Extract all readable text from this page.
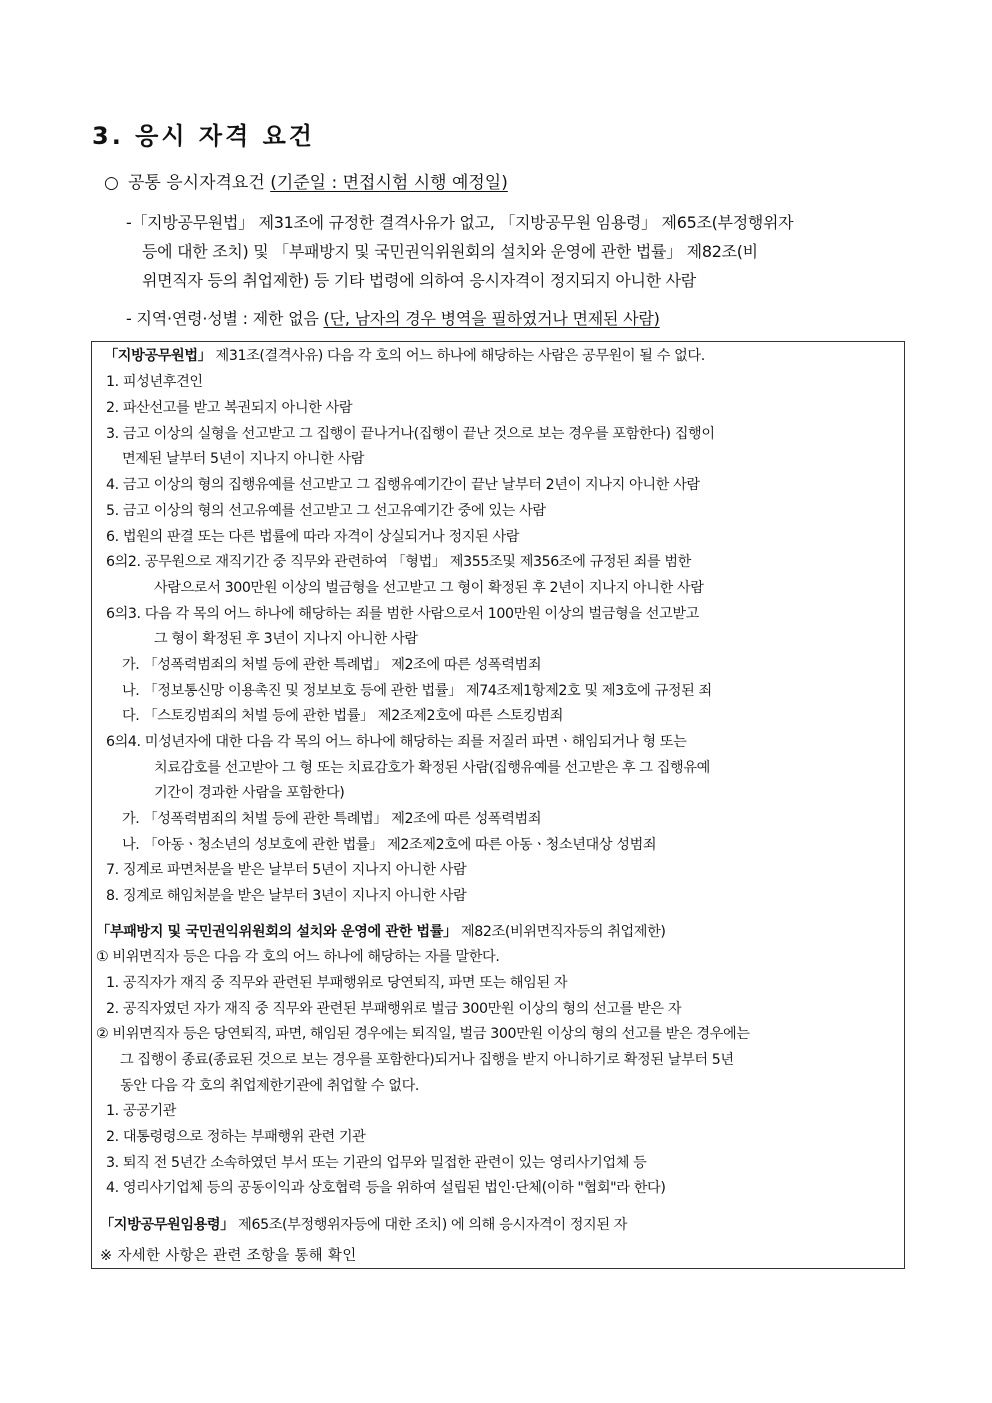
3. 응시 자격 요건
○ 공통 응시자격요건 (기준일 : 면접시험 시행 예정일)
-「지방공무원법」 제31조에 규정한 결격사유가 없고, 「지방공무원 임용령」 제65조(부정행위자
등에 대한 조치) 및 「부패방지 및 국민권익위원회의 설치와 운영에 관한 법률」 제82조(비
위면직자 등의 취업제한) 등 기타 법령에 의하여 응시자격이 정지되지 아니한 사람
- 지역·연령·성별 : 제한 없음 (단, 남자의 경우 병역을 필하였거나 면제된 사람)
「지방공무원법」 제31조(결격사유) 다음 각 호의 어느 하나에 해당하는 사람은 공무원이 될 수 없다.
1. 피성년후견인
2. 파산선고를 받고 복권되지 아니한 사람
3. 금고 이상의 실형을 선고받고 그 집행이 끝나거나(집행이 끝난 것으로 보는 경우를 포함한다) 집행이
면제된 날부터 5년이 지나지 아니한 사람
4. 금고 이상의 형의 집행유예를 선고받고 그 집행유예기간이 끝난 날부터 2년이 지나지 아니한 사람
5. 금고 이상의 형의 선고유예를 선고받고 그 선고유예기간 중에 있는 사람
6. 법원의 판결 또는 다른 법률에 따라 자격이 상실되거나 정지된 사람
6의2. 공무원으로 재직기간 중 직무와 관련하여 「형법」 제355조및 제356조에 규정된 죄를 범한
사람으로서 300만원 이상의 벌금형을 선고받고 그 형이 확정된 후 2년이 지나지 아니한 사람
6의3. 다음 각 목의 어느 하나에 해당하는 죄를 범한 사람으로서 100만원 이상의 벌금형을 선고받고
그 형이 확정된 후 3년이 지나지 아니한 사람
가. 「성폭력범죄의 처벌 등에 관한 특례법」 제2조에 따른 성폭력범죄
나. 「정보통신망 이용촉진 및 정보보호 등에 관한 법률」 제74조제1항제2호 및 제3호에 규정된 죄
다. 「스토킹범죄의 처벌 등에 관한 법률」 제2조제2호에 따른 스토킹범죄
6의4. 미성년자에 대한 다음 각 목의 어느 하나에 해당하는 죄를 저질러 파면ㆍ해임되거나 형 또는
치료감호를 선고받아 그 형 또는 치료감호가 확정된 사람(집행유예를 선고받은 후 그 집행유예
기간이 경과한 사람을 포함한다)
가. 「성폭력범죄의 처벌 등에 관한 특례법」 제2조에 따른 성폭력범죄
나. 「아동ㆍ청소년의 성보호에 관한 법률」 제2조제2호에 따른 아동ㆍ청소년대상 성범죄
7. 징계로 파면처분을 받은 날부터 5년이 지나지 아니한 사람
8. 징계로 해임처분을 받은 날부터 3년이 지나지 아니한 사람
「부패방지 및 국민권익위원회의 설치와 운영에 관한 법률」 제82조(비위면직자등의 취업제한)
① 비위면직자 등은 다음 각 호의 어느 하나에 해당하는 자를 말한다.
1. 공직자가 재직 중 직무와 관련된 부패행위로 당연퇴직, 파면 또는 해임된 자
2. 공직자였던 자가 재직 중 직무와 관련된 부패행위로 벌금 300만원 이상의 형의 선고를 받은 자
② 비위면직자 등은 당연퇴직, 파면, 해임된 경우에는 퇴직일, 벌금 300만원 이상의 형의 선고를 받은 경우에는
그 집행이 종료(종료된 것으로 보는 경우를 포함한다)되거나 집행을 받지 아니하기로 확정된 날부터 5년
동안 다음 각 호의 취업제한기관에 취업할 수 없다.
1. 공공기관
2. 대통령령으로 정하는 부패행위 관련 기관
3. 퇴직 전 5년간 소속하였던 부서 또는 기관의 업무와 밀접한 관련이 있는 영리사기업체 등
4. 영리사기업체 등의 공동이익과 상호협력 등을 위하여 설립된 법인·단체(이하 "협회"라 한다)
「지방공무원임용령」 제65조(부정행위자등에 대한 조치) 에 의해 응시자격이 정지된 자
※ 자세한 사항은 관련 조항을 통해 확인
